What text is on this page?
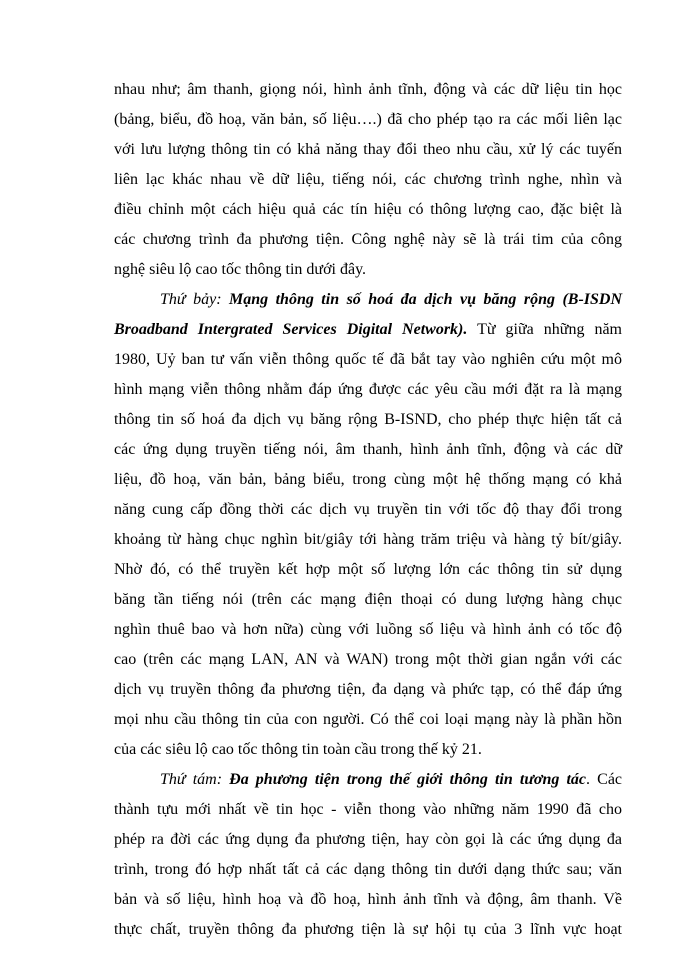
nhau như; âm thanh, giọng nói, hình ảnh tĩnh, động và các dữ liệu tin học
(bảng, biểu, đồ hoạ, văn bản, số liệu….) đã cho phép tạo ra các mối liên lạc
với lưu lượng thông tin có khả năng thay đổi theo nhu cầu, xử lý các tuyến
liên lạc khác nhau về dữ liệu, tiếng nói, các chương trình nghe, nhìn và
điều chỉnh một cách hiệu quả các tín hiệu có thông lượng cao, đặc biệt là
các chương trình đa phương tiện. Công nghệ này sẽ là trái tim của công
nghệ siêu lộ cao tốc thông tin dưới đây.
Thứ bảy: Mạng thông tin số hoá đa dịch vụ băng rộng (B-ISDN
Broadband Intergrated Services Digital Network). Từ giữa những năm
1980, Uỷ ban tư vấn viễn thông quốc tế đã bắt tay vào nghiên cứu một mô
hình mạng viễn thông nhằm đáp ứng được các yêu cầu mới đặt ra là mạng
thông tin số hoá đa dịch vụ băng rộng B-ISND, cho phép thực hiện tất cả
các ứng dụng truyền tiếng nói, âm thanh, hình ảnh tĩnh, động và các dữ
liệu, đồ hoạ, văn bản, bảng biểu, trong cùng một hệ thống mạng có khả
năng cung cấp đồng thời các dịch vụ truyền tin với tốc độ thay đổi trong
khoảng từ hàng chục nghìn bit/giây tới hàng trăm triệu và hàng tỷ bít/giây.
Nhờ đó, có thể truyền kết hợp một số lượng lớn các thông tin sử dụng
băng tần tiếng nói (trên các mạng điện thoại có dung lượng hàng chục
nghìn thuê bao và hơn nữa) cùng với luồng số liệu và hình ảnh có tốc độ
cao (trên các mạng LAN, AN và WAN) trong một thời gian ngắn với các
dịch vụ truyền thông đa phương tiện, đa dạng và phức tạp, có thể đáp ứng
mọi nhu cầu thông tin của con người. Có thể coi loại mạng này là phần hồn
của các siêu lộ cao tốc thông tin toàn cầu trong thế kỷ 21.
Thứ tám: Đa phương tiện trong thế giới thông tin tương tác. Các
thành tựu mới nhất về tin học - viễn thong vào những năm 1990 đã cho
phép ra đời các ứng dụng đa phương tiện, hay còn gọi là các ứng dụng đa
trình, trong đó hợp nhất tất cả các dạng thông tin dưới dạng thức sau; văn
bản và số liệu, hình hoạ và đồ hoạ, hình ảnh tĩnh và động, âm thanh. Về
thực chất, truyền thông đa phương tiện là sự hội tụ của 3 lĩnh vực hoạt
